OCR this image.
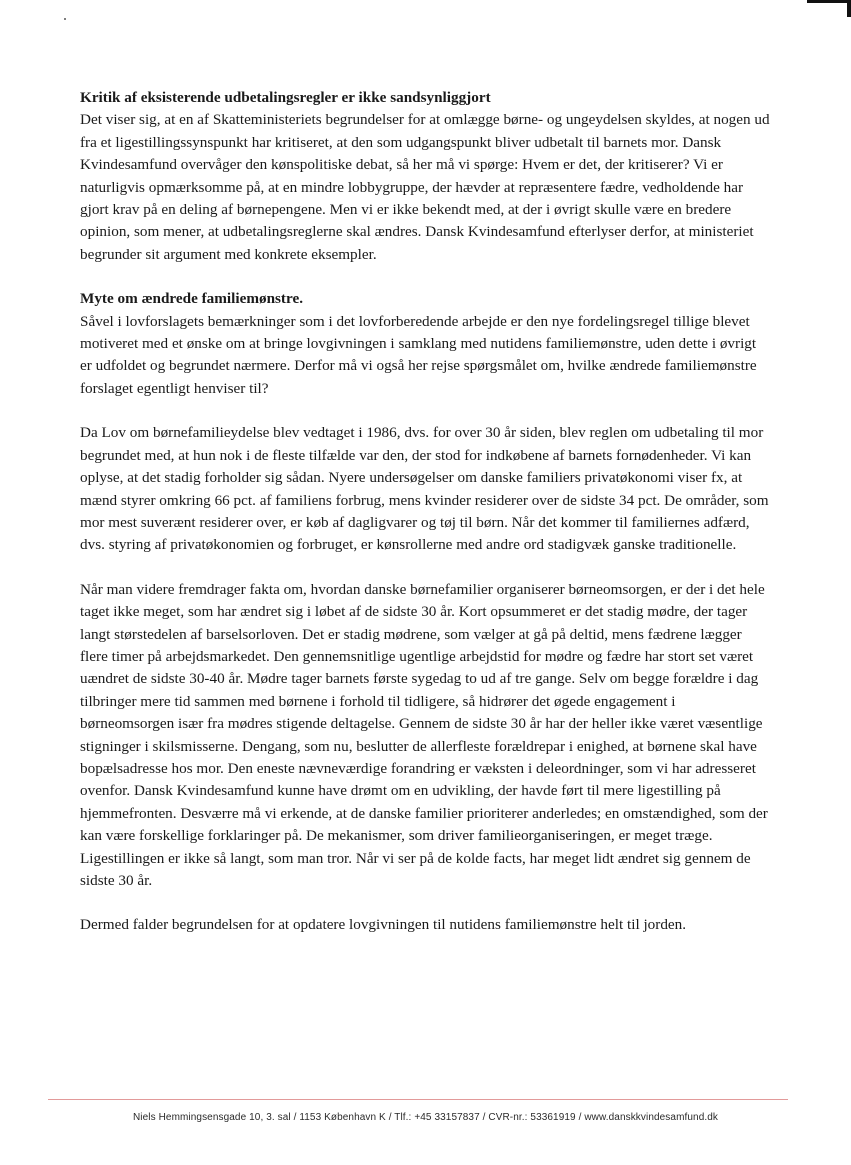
Kritik af eksisterende udbetalingsregler er ikke sandsynliggjort

Det viser sig, at en af Skatteministeriets begrundelser for at omlægge børne- og ungeydelsen skyldes, at nogen ud fra et ligestillingssynspunkt har kritiseret, at den som udgangspunkt bliver udbetalt til barnets mor. Dansk Kvindesamfund overvåger den kønspolitiske debat, så her må vi spørge: Hvem er det, der kritiserer? Vi er naturligvis opmærksomme på, at en mindre lobbygruppe, der hævder at repræsentere fædre, vedholdende har gjort krav på en deling af børnepengene. Men vi er ikke bekendt med, at der i øvrigt skulle være en bredere opinion, som mener, at udbetalingsreglerne skal ændres. Dansk Kvindesamfund efterlyser derfor, at ministeriet begrunder sit argument med konkrete eksempler.

Myte om ændrede familiemønstre.

Såvel i lovforslagets bemærkninger som i det lovforberedende arbejde er den nye fordelingsregel tillige blevet motiveret med et ønske om at bringe lovgivningen i samklang med nutidens familiemønstre, uden dette i øvrigt er udfoldet og begrundet nærmere. Derfor må vi også her rejse spørgsmålet om, hvilke ændrede familiemønstre forslaget egentligt henviser til?

Da Lov om børnefamilieydelse blev vedtaget i 1986, dvs. for over 30 år siden, blev reglen om udbetaling til mor begrundet med, at hun nok i de fleste tilfælde var den, der stod for indkøbene af barnets fornødenheder. Vi kan oplyse, at det stadig forholder sig sådan. Nyere undersøgelser om danske familiers privatøkonomi viser fx, at mænd styrer omkring 66 pct. af familiens forbrug, mens kvinder residerer over de sidste 34 pct. De områder, som mor mest suverænt residerer over, er køb af dagligvarer og tøj til børn. Når det kommer til familiernes adfærd, dvs. styring af privatøkonomien og forbruget, er kønsrollerne med andre ord stadigvæk ganske traditionelle.

Når man videre fremdrager fakta om, hvordan danske børnefamilier organiserer børneomsorgen, er der i det hele taget ikke meget, som har ændret sig i løbet af de sidste 30 år. Kort opsummeret er det stadig mødre, der tager langt størstedelen af barselsorloven. Det er stadig mødrene, som vælger at gå på deltid, mens fædrene lægger flere timer på arbejdsmarkedet. Den gennemsnitlige ugentlige arbejdstid for mødre og fædre har stort set været uændret de sidste 30-40 år. Mødre tager barnets første sygedag to ud af tre gange. Selv om begge forældre i dag tilbringer mere tid sammen med børnene i forhold til tidligere, så hidrører det øgede engagement i børneomsorgen især fra mødres stigende deltagelse. Gennem de sidste 30 år har der heller ikke været væsentlige stigninger i skilsmisserne. Dengang, som nu, beslutter de allerfleste forældrepar i enighed, at børnene skal have bopælsadresse hos mor. Den eneste nævneværdige forandring er væksten i deleordninger, som vi har adresseret ovenfor. Dansk Kvindesamfund kunne have drømt om en udvikling, der havde ført til mere ligestilling på hjemmefronten. Desværre må vi erkende, at de danske familier prioriterer anderledes; en omstændighed, som der kan være forskellige forklaringer på. De mekanismer, som driver familieorganiseringen, er meget træge. Ligestillingen er ikke så langt, som man tror. Når vi ser på de kolde facts, har meget lidt ændret sig gennem de sidste 30 år.

Dermed falder begrundelsen for at opdatere lovgivningen til nutidens familiemønstre helt til jorden.

Niels Hemmingsensgade 10, 3. sal / 1153 København K / Tlf.: +45 33157837 / CVR-nr.: 53361919 / www.danskkvindesamfund.dk
